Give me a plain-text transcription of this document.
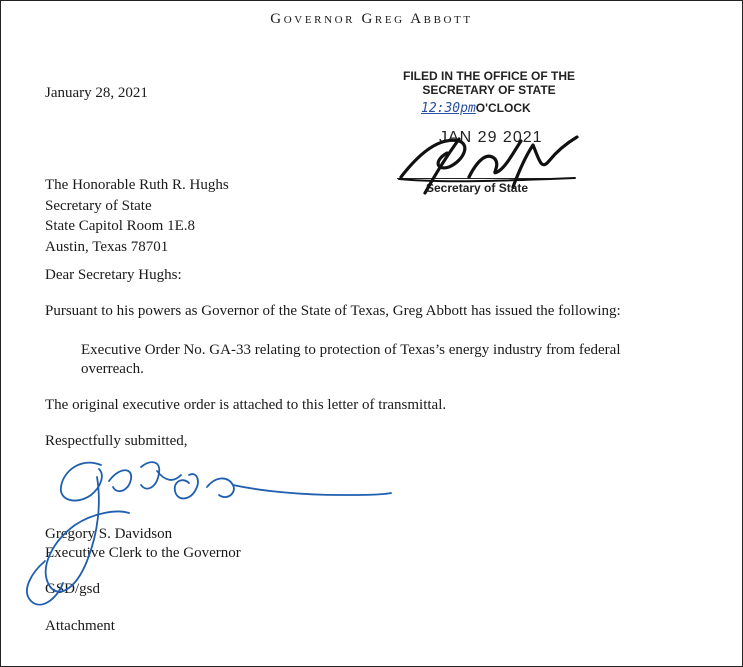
Governor Greg Abbott
January 28, 2021
FILED IN THE OFFICE OF THE
SECRETARY OF STATE
12:30pmO'CLOCK
JAN 29 2021
Secretary of State
The Honorable Ruth R. Hughs
Secretary of State
State Capitol Room 1E.8
Austin, Texas 78701
Dear Secretary Hughs:
Pursuant to his powers as Governor of the State of Texas, Greg Abbott has issued the following:
Executive Order No. GA-33 relating to protection of Texas’s energy industry from federal overreach.
The original executive order is attached to this letter of transmittal.
Respectfully submitted,
Gregory S. Davidson
Executive Clerk to the Governor
GSD/gsd
Attachment
